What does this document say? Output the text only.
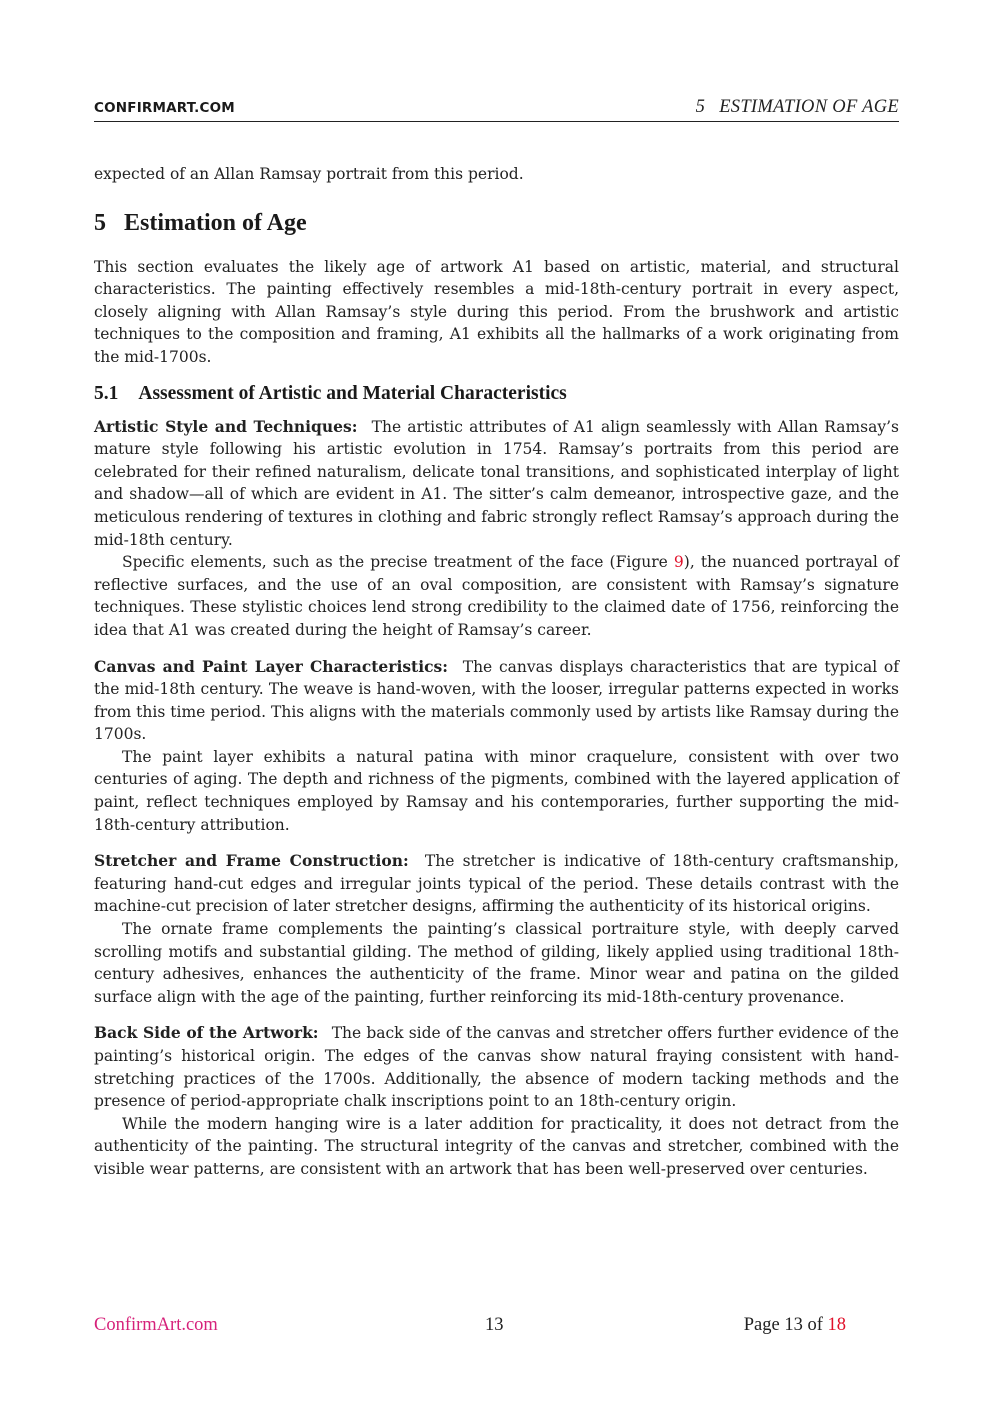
CONFIRMART.COM	5 ESTIMATION OF AGE

expected of an Allan Ramsay portrait from this period.

5 Estimation of Age

This section evaluates the likely age of artwork A1 based on artistic, material, and structural characteristics. The painting effectively resembles a mid-18th-century portrait in every aspect, closely aligning with Allan Ramsay’s style during this period. From the brushwork and artistic techniques to the composition and framing, A1 exhibits all the hallmarks of a work originating from the mid-1700s.

5.1 Assessment of Artistic and Material Characteristics

Artistic Style and Techniques: The artistic attributes of A1 align seamlessly with Allan Ramsay’s mature style following his artistic evolution in 1754. Ramsay’s portraits from this period are celebrated for their refined naturalism, delicate tonal transitions, and sophisticated interplay of light and shadow—all of which are evident in A1. The sitter’s calm demeanor, introspective gaze, and the meticulous rendering of textures in clothing and fabric strongly reflect Ramsay’s approach during the mid-18th century.

Specific elements, such as the precise treatment of the face (Figure 9), the nuanced portrayal of reflective surfaces, and the use of an oval composition, are consistent with Ramsay’s signature techniques. These stylistic choices lend strong credibility to the claimed date of 1756, reinforcing the idea that A1 was created during the height of Ramsay’s career.

Canvas and Paint Layer Characteristics: The canvas displays characteristics that are typical of the mid-18th century. The weave is hand-woven, with the looser, irregular patterns expected in works from this time period. This aligns with the materials commonly used by artists like Ramsay during the 1700s.

The paint layer exhibits a natural patina with minor craquelure, consistent with over two centuries of aging. The depth and richness of the pigments, combined with the layered application of paint, reflect techniques employed by Ramsay and his contemporaries, further supporting the mid-18th-century attribution.

Stretcher and Frame Construction: The stretcher is indicative of 18th-century craftsmanship, featuring hand-cut edges and irregular joints typical of the period. These details contrast with the machine-cut precision of later stretcher designs, affirming the authenticity of its historical origins.

The ornate frame complements the painting’s classical portraiture style, with deeply carved scrolling motifs and substantial gilding. The method of gilding, likely applied using traditional 18th-century adhesives, enhances the authenticity of the frame. Minor wear and patina on the gilded surface align with the age of the painting, further reinforcing its mid-18th-century provenance.

Back Side of the Artwork: The back side of the canvas and stretcher offers further evidence of the painting’s historical origin. The edges of the canvas show natural fraying consistent with hand-stretching practices of the 1700s. Additionally, the absence of modern tacking methods and the presence of period-appropriate chalk inscriptions point to an 18th-century origin.

While the modern hanging wire is a later addition for practicality, it does not detract from the authenticity of the painting. The structural integrity of the canvas and stretcher, combined with the visible wear patterns, are consistent with an artwork that has been well-preserved over centuries.

ConfirmArt.com	13	Page 13 of 18
